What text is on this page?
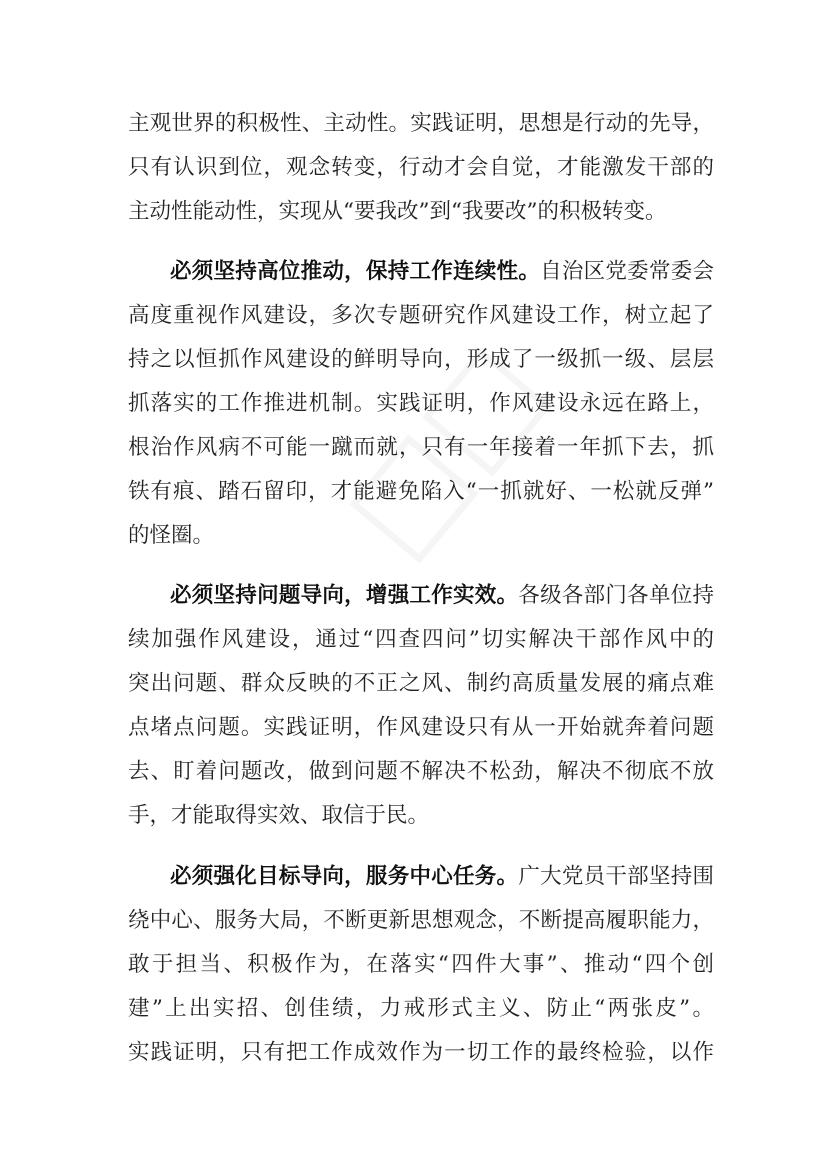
主观世界的积极性、主动性。实践证明，思想是行动的先导，
只有认识到位，观念转变，行动才会自觉，才能激发干部的
主动性能动性，实现从“要我改”到“我要改”的积极转变。
必须坚持高位推动，保持工作连续性。自治区党委常委会
高度重视作风建设，多次专题研究作风建设工作，树立起了
持之以恒抓作风建设的鲜明导向，形成了一级抓一级、层层
抓落实的工作推进机制。实践证明，作风建设永远在路上，
根治作风病不可能一蹴而就，只有一年接着一年抓下去，抓
铁有痕、踏石留印，才能避免陷入“一抓就好、一松就反弹”
的怪圈。
必须坚持问题导向，增强工作实效。各级各部门各单位持
续加强作风建设，通过“四查四问”切实解决干部作风中的
突出问题、群众反映的不正之风、制约高质量发展的痛点难
点堵点问题。实践证明，作风建设只有从一开始就奔着问题
去、盯着问题改，做到问题不解决不松劲，解决不彻底不放
手，才能取得实效、取信于民。
必须强化目标导向，服务中心任务。广大党员干部坚持围
绕中心、服务大局，不断更新思想观念，不断提高履职能力，
敢于担当、积极作为，在落实“四件大事”、推动“四个创
建”上出实招、创佳绩，力戒形式主义、防止“两张皮”。
实践证明，只有把工作成效作为一切工作的最终检验，以作
